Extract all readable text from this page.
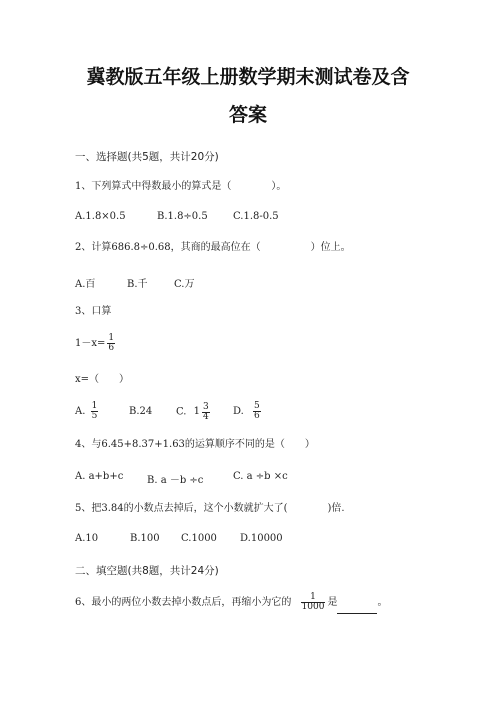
冀教版五年级上册数学期末测试卷及含
答案
一、选择题(共5题，共计20分)
1、下列算式中得数最小的算式是（　　　　）。
A.1.8×0.5	B.1.8÷0.5	C.1.8-0.5
2、计算686.8÷0.68，其商的最高位在（　　　　　）位上。
A.百	B.千	C.万
3、口算
$1-x= \frac{1}{6}$
x=（　　）
A. $\frac{1}{5}$	B.24 C. $1 \frac{3}{4} D$. $\frac{5}{6}$
4、与6.45+8.37+1.63的运算顺序不同的是（　　）
A. a+b+c B. a －b ÷c	C. a ÷b ×c
5、把3.84的小数点去掉后，这个小数就扩大了(　　　　)倍.
A.10	B.100 C.1000 D.10000
二、填空题(共8题，共计24分)
6、最小的两位小数去掉小数点后，再缩小为它的 $\frac{1}{1000}$ 是	。
